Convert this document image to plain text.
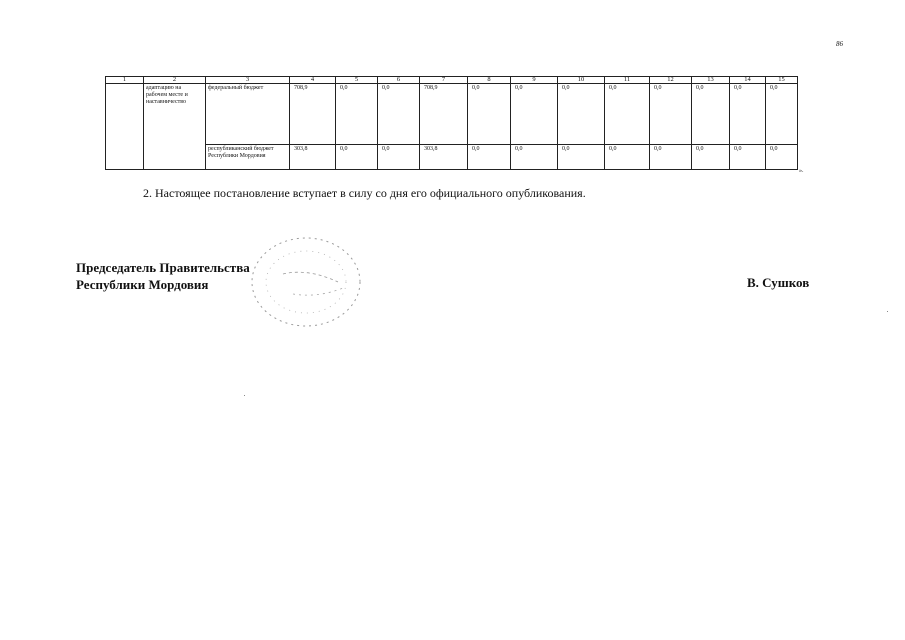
86
1	2	3	4	5	6	7	8	9	10	11	12	13	14	15
	адаптацию на рабочем месте и наставничество	федеральный бюджет	708,9	0,0	0,0	708,9	0,0	0,0	0,0	0,0	0,0	0,0	0,0	0,0
		республиканский бюджет Республики Мордовия	303,8	0,0	0,0	303,8	0,0	0,0	0,0	0,0	0,0	0,0	0,0	0,0
».
2. Настоящее постановление вступает в силу со дня его официального опубликования.
Председатель Правительства
Республики Мордовия	В. Сушков
